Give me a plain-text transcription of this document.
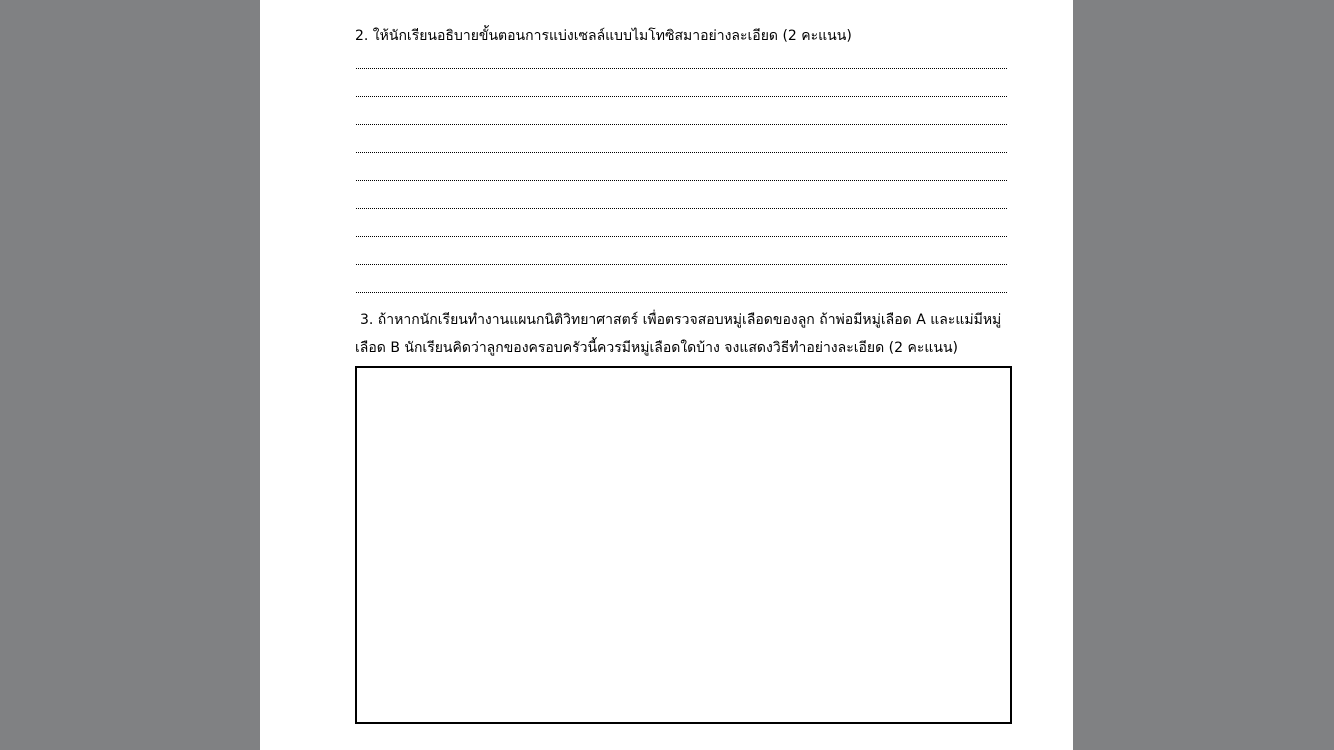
2. ให้นักเรียนอธิบายขั้นตอนการแบ่งเซลล์แบบไมโทซิสมาอย่างละเอียด (2 คะแนน)
3. ถ้าหากนักเรียนทำงานแผนกนิติวิทยาศาสตร์ เพื่อตรวจสอบหมู่เลือดของลูก ถ้าพ่อมีหมู่เลือด A และแม่มีหมู่
เลือด B นักเรียนคิดว่าลูกของครอบครัวนี้ควรมีหมู่เลือดใดบ้าง จงแสดงวิธีทำอย่างละเอียด (2 คะแนน)
